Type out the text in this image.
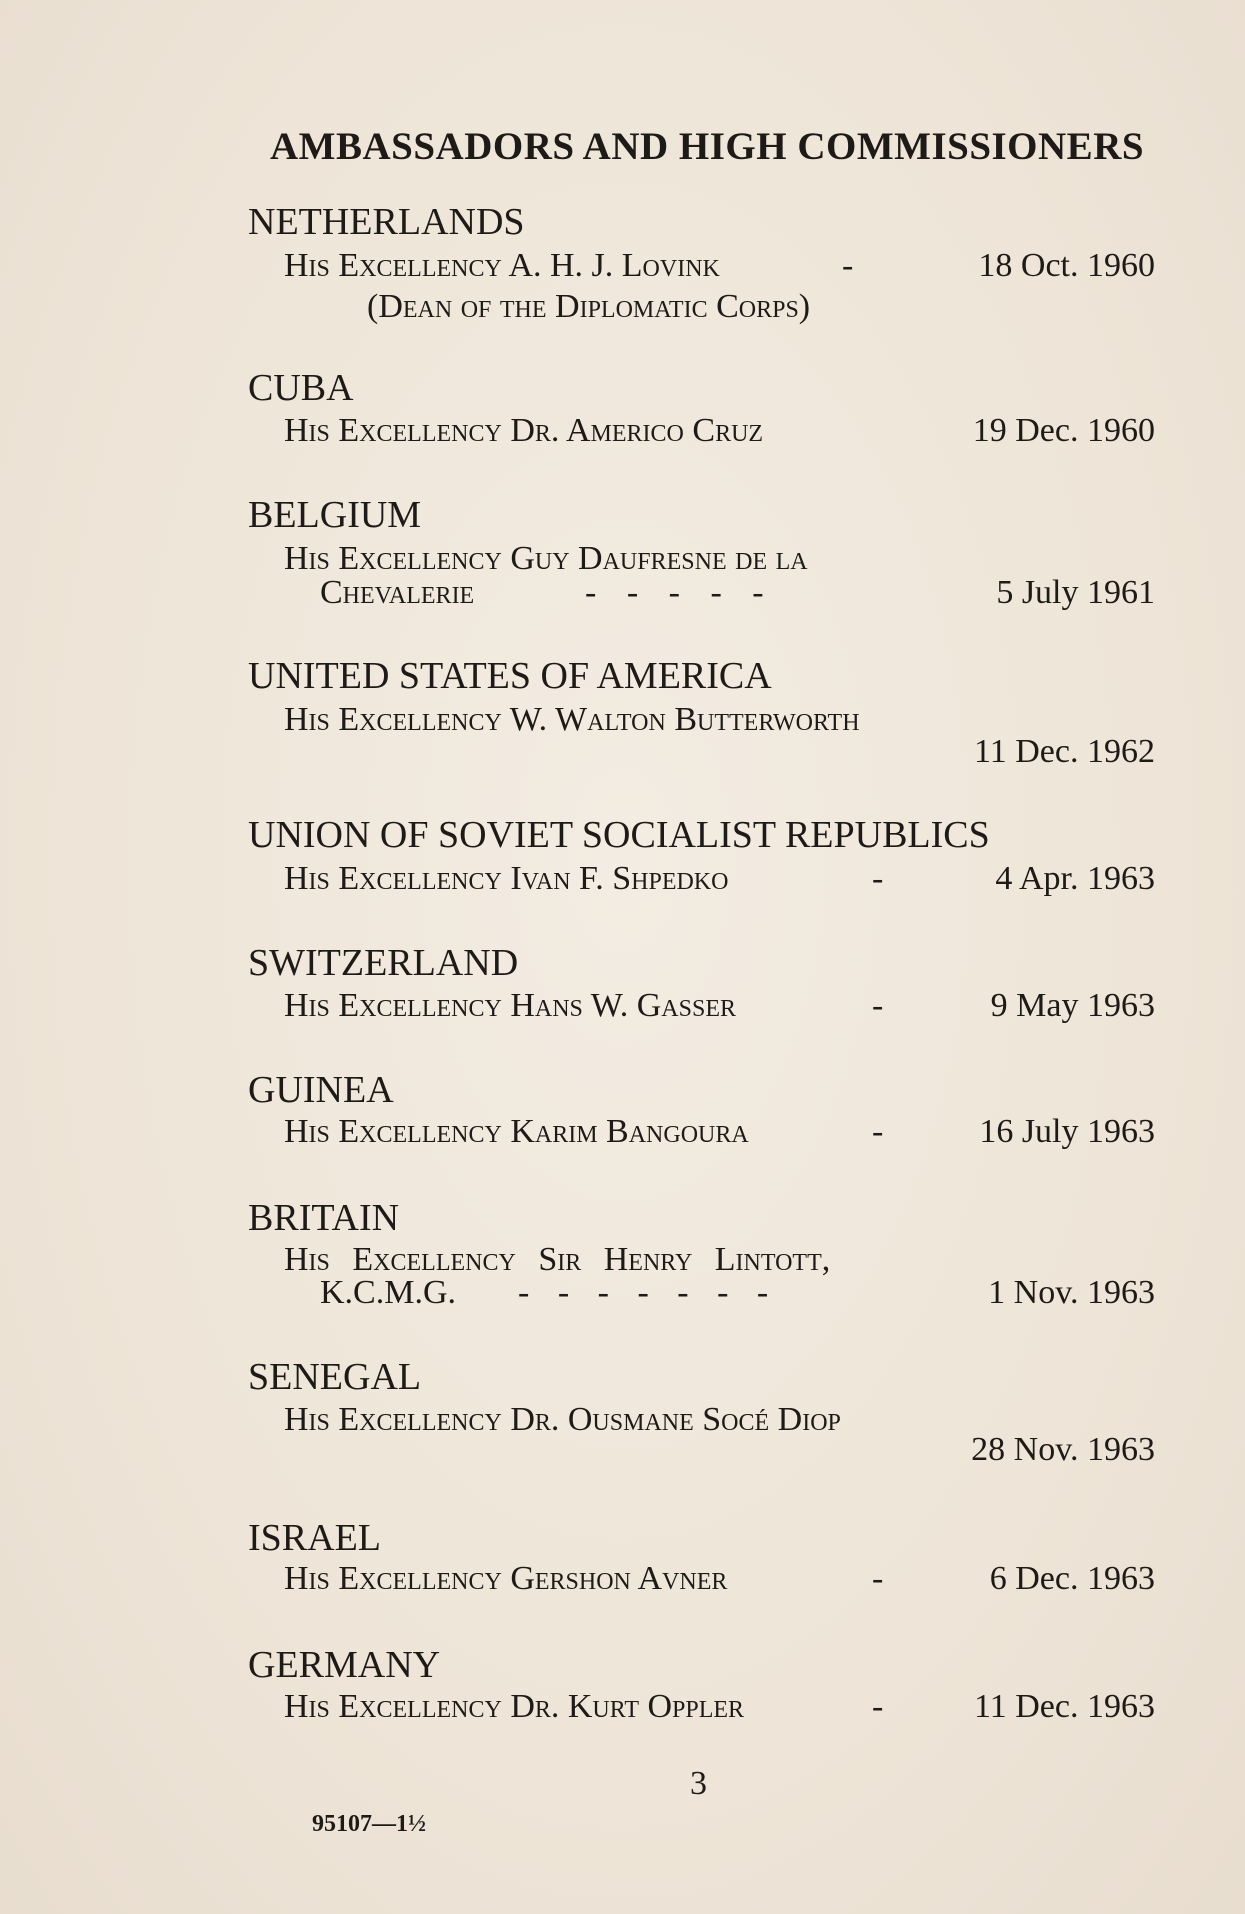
AMBASSADORS AND HIGH COMMISSIONERS
NETHERLANDS
His Excellency A. H. J. Lovink	-	18 Oct. 1960
(Dean of the Diplomatic Corps)
CUBA
His Excellency Dr. Americo Cruz	19 Dec. 1960
BELGIUM
His Excellency Guy Daufresne de la
Chevalerie	- - - - -	5 July 1961
UNITED STATES OF AMERICA
His Excellency W. Walton Butterworth
11 Dec. 1962
UNION OF SOVIET SOCIALIST REPUBLICS
His Excellency Ivan F. Shpedko	-	4 Apr. 1963
SWITZERLAND
His Excellency Hans W. Gasser	-	9 May 1963
GUINEA
His Excellency Karim Bangoura	-	16 July 1963
BRITAIN
His Excellency Sir Henry Lintott,
K.C.M.G. - - - - - - -	1 Nov. 1963
SENEGAL
His Excellency Dr. Ousmane Socé Diop
28 Nov. 1963
ISRAEL
His Excellency Gershon Avner	-	6 Dec. 1963
GERMANY
His Excellency Dr. Kurt Oppler	-	11 Dec. 1963
3
95107—1½
